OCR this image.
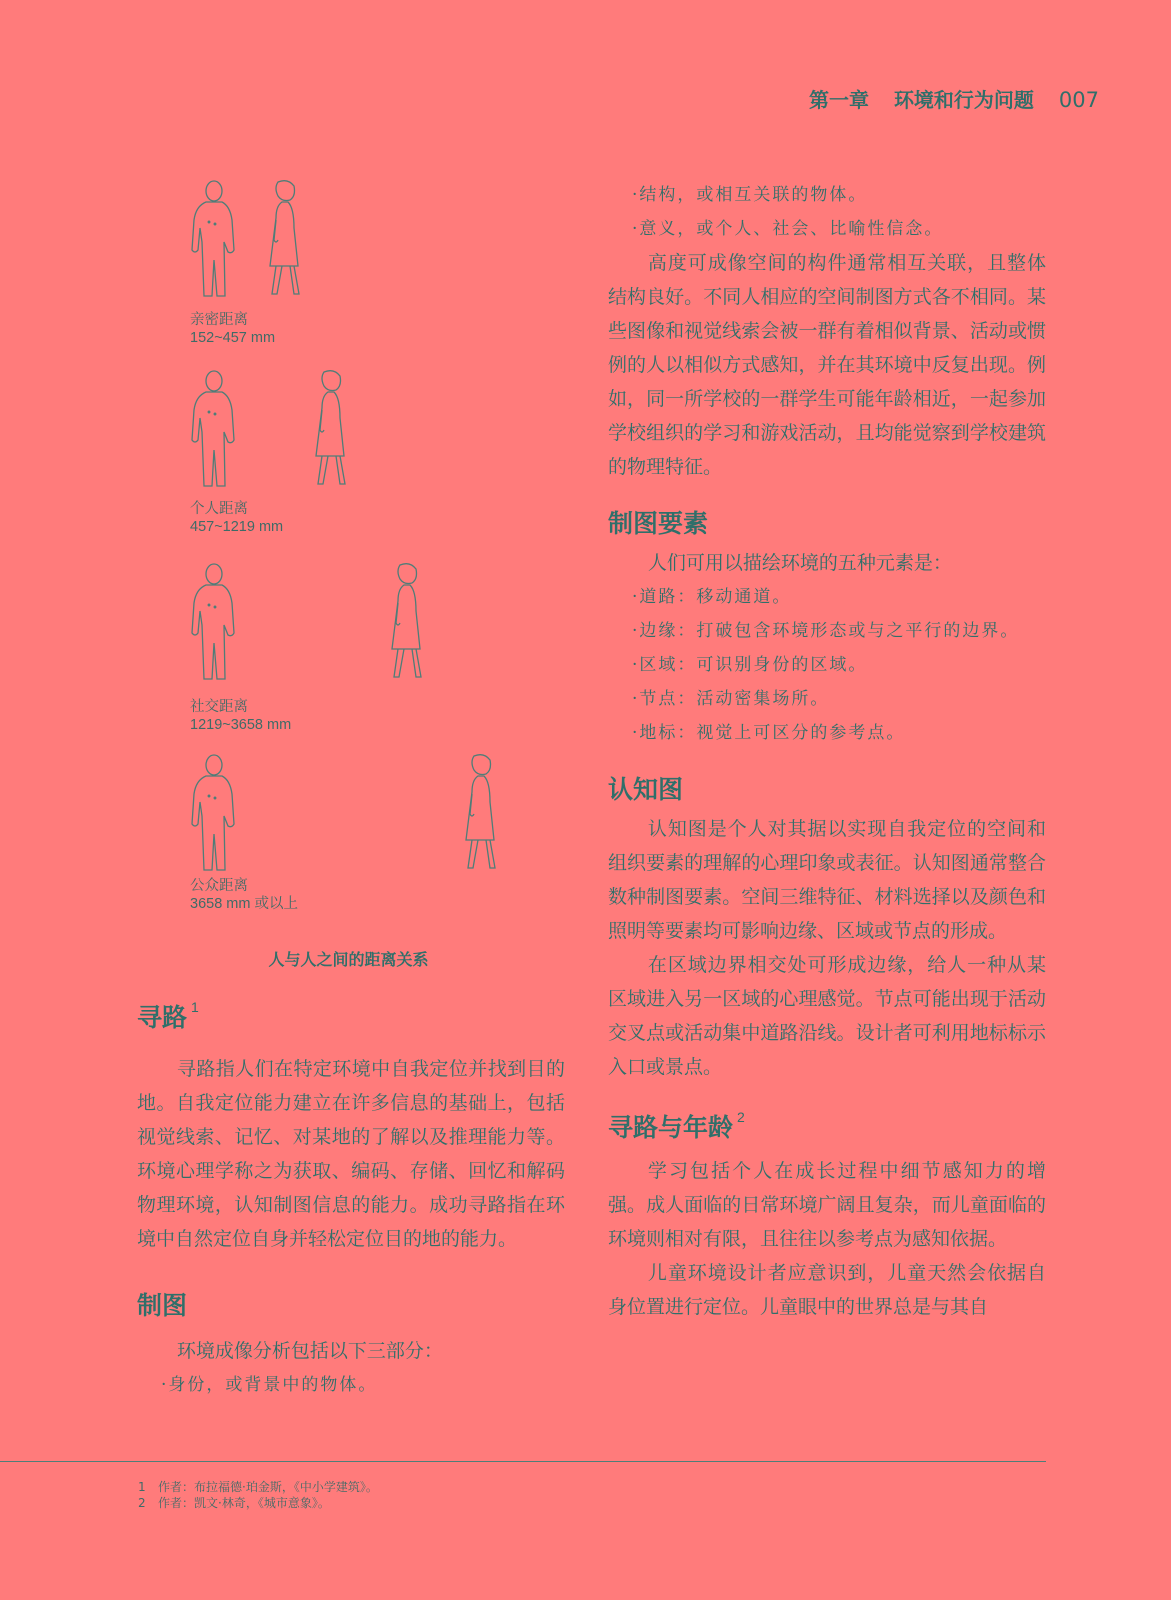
第一章 环境和行为问题 007
亲密距离
152~457 mm
个人距离
457~1219 mm
社交距离
1219~3658 mm
公众距离
3658 mm 或以上
人与人之间的距离关系
寻路 $^1$

寻路指人们在特定环境中自我定位并找到目的地。自我定位能力建立在许多信息的基础上，包括视觉线索、记忆、对某地的了解以及推理能力等。环境心理学称之为获取、编码、存储、回忆和解码物理环境，认知制图信息的能力。成功寻路指在环境中自然定位自身并轻松定位目的地的能力。

制图

环境成像分析包括以下三部分：

·身份，或背景中的物体。
·结构，或相互关联的物体。
·意义，或个人、社会、比喻性信念。

高度可成像空间的构件通常相互关联，且整体结构良好。不同人相应的空间制图方式各不相同。某些图像和视觉线索会被一群有着相似背景、活动或惯例的人以相似方式感知，并在其环境中反复出现。例如，同一所学校的一群学生可能年龄相近，一起参加学校组织的学习和游戏活动，且均能觉察到学校建筑的物理特征。

制图要素

人们可用以描绘环境的五种元素是：

·道路：移动通道。
·边缘：打破包含环境形态或与之平行的边界。
·区域：可识别身份的区域。
·节点：活动密集场所。
·地标：视觉上可区分的参考点。
认知图

认知图是个人对其据以实现自我定位的空间和组织要素的理解的心理印象或表征。认知图通常整合数种制图要素。空间三维特征、材料选择以及颜色和照明等要素均可影响边缘、区域或节点的形成。

在区域边界相交处可形成边缘，给人一种从某区域进入另一区域的心理感觉。节点可能出现于活动交叉点或活动集中道路沿线。设计者可利用地标标示入口或景点。

寻路与年龄 $^2$

学习包括个人在成长过程中细节感知力的增强。成人面临的日常环境广阔且复杂，而儿童面临的环境则相对有限，且往往以参考点为感知依据。

儿童环境设计者应意识到，儿童天然会依据自身位置进行定位。儿童眼中的世界总是与其自

1 作者：布拉福德·珀金斯，《中小学建筑》。
2 作者：凯文·林奇，《城市意象》。
